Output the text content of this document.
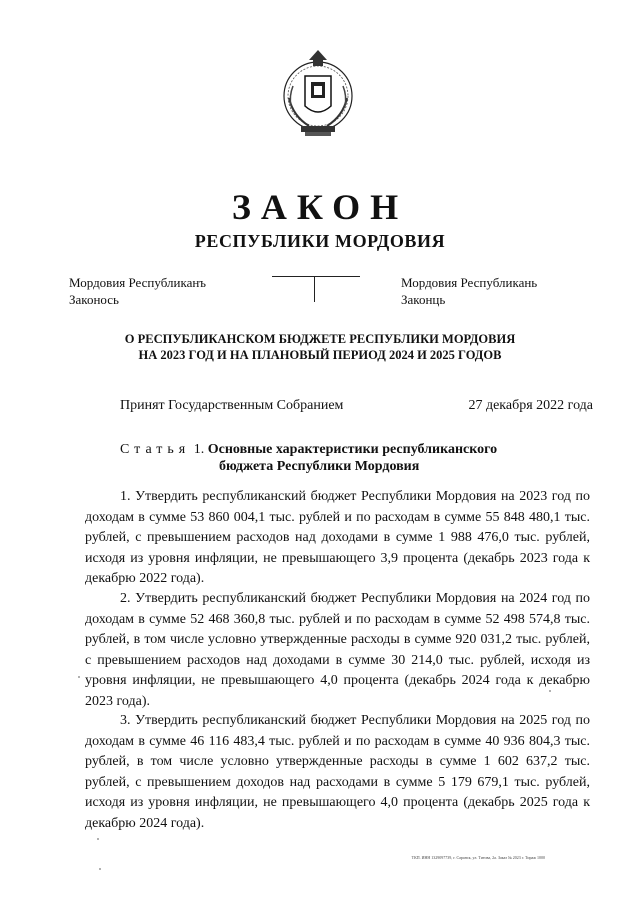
ЗАКОН
РЕСПУБЛИКИ МОРДОВИЯ
Мордовия Республиканъ
Законось
Мордовия Республикань
Законць
О РЕСПУБЛИКАНСКОМ БЮДЖЕТЕ РЕСПУБЛИКИ МОРДОВИЯ
НА 2023 ГОД И НА ПЛАНОВЫЙ ПЕРИОД 2024 И 2025 ГОДОВ
Принят Государственным Собранием	27 декабря 2022 года
Статья 1. Основные характеристики республиканского
бюджета Республики Мордовия
1. Утвердить республиканский бюджет Республики Мордовия на 2023 год по доходам в сумме 53 860 004,1 тыс. рублей и по расходам в сумме 55 848 480,1 тыс. рублей, с превышением расходов над доходами в сумме 1 988 476,0 тыс. рублей, исходя из уровня инфляции, не превышающего 3,9 процента (декабрь 2023 года к декабрю 2022 года).
2. Утвердить республиканский бюджет Республики Мордовия на 2024 год по доходам в сумме 52 468 360,8 тыс. рублей и по расходам в сумме 52 498 574,8 тыс. рублей, в том числе условно утвержденные расходы в сумме 920 031,2 тыс. рублей, с превышением расходов над доходами в сумме 30 214,0 тыс. рублей, исходя из уровня инфляции, не превышающего 4,0 процента (декабрь 2024 года к декабрю 2023 года).
3. Утвердить республиканский бюджет Республики Мордовия на 2025 год по доходам в сумме 46 116 483,4 тыс. рублей и по расходам в сумме 40 936 804,3 тыс. рублей, в том числе условно утвержденные расходы в сумме 1 602 637,2 тыс. рублей, с превышением доходов над расходами в сумме 5 179 679,1 тыс. рублей, исходя из уровня инфляции, не превышающего 4,0 процента (декабрь 2025 года к декабрю 2024 года).
ТКП. ИНН 1329097739, г. Саранск, ул. Титова, 2а. Заказ № 2023 г. Тираж 1000
